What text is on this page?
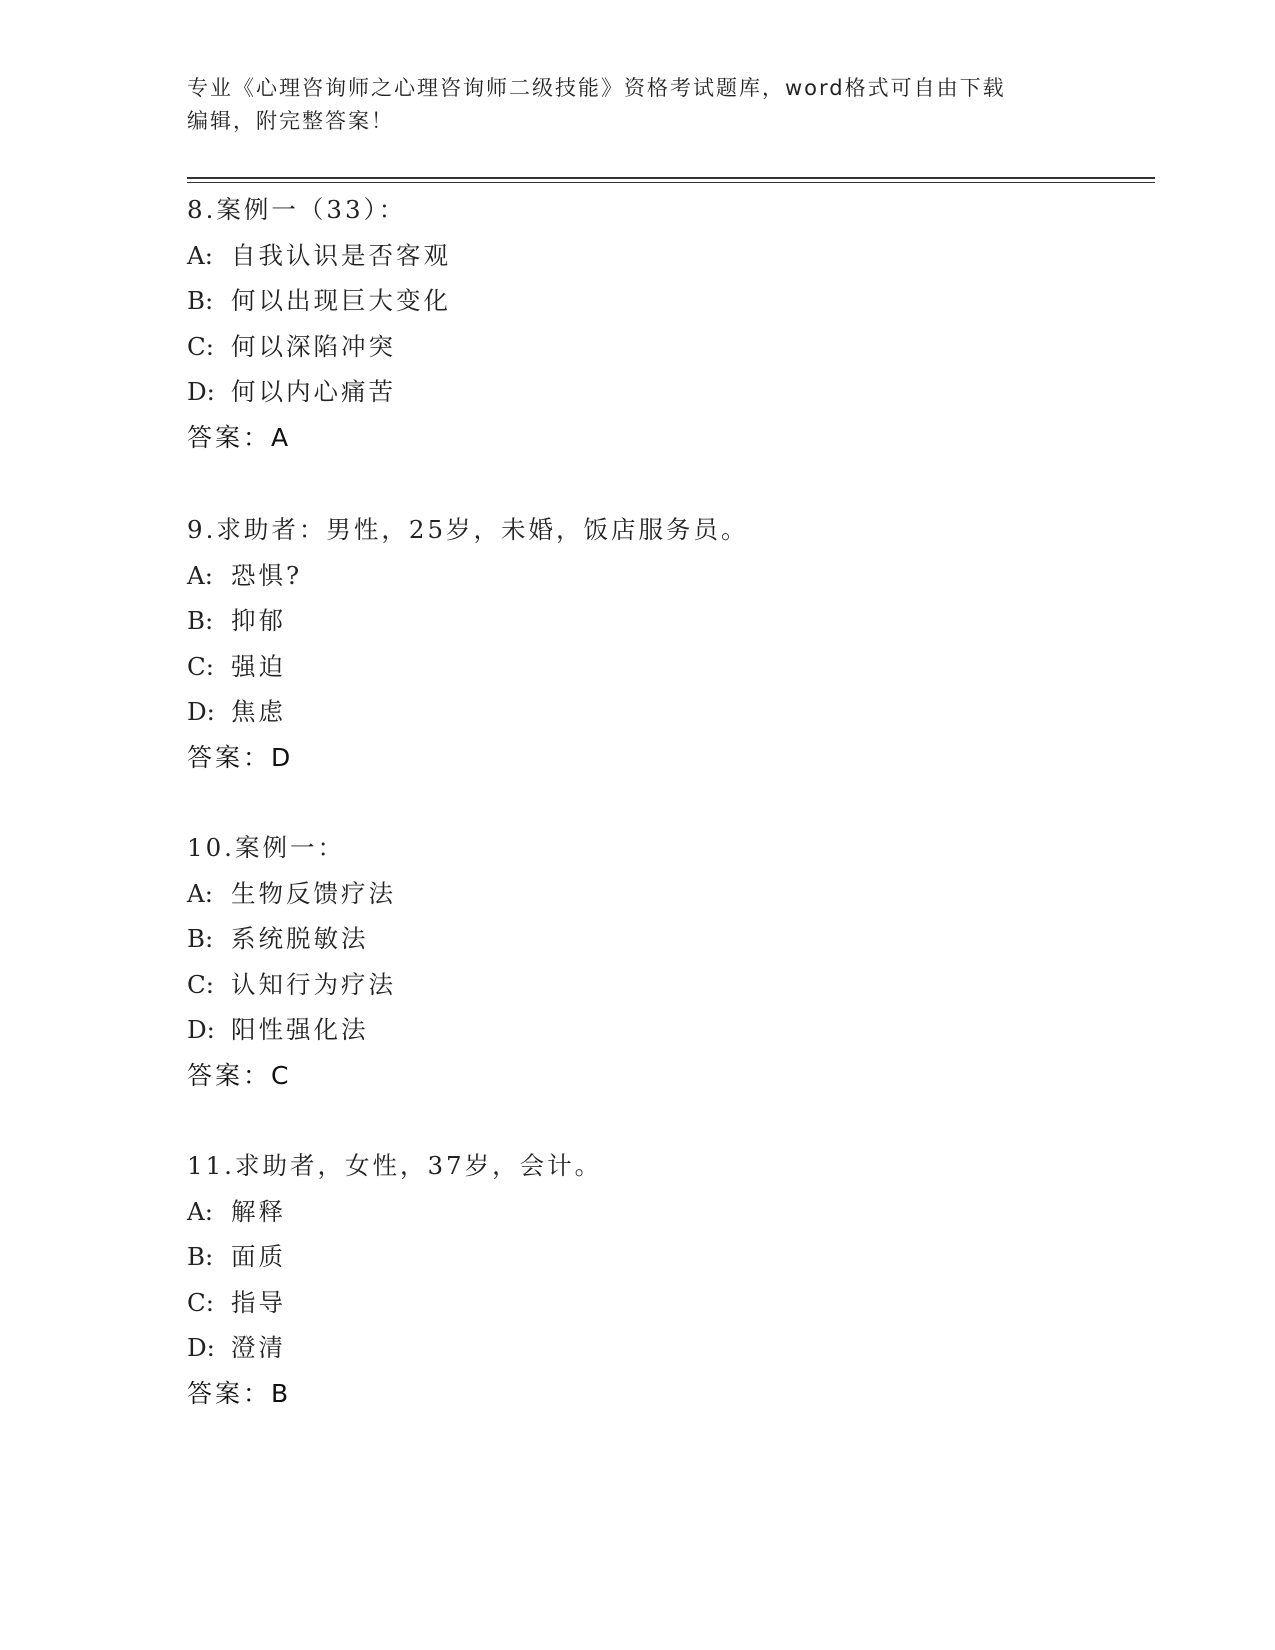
专业《心理咨询师之心理咨询师二级技能》资格考试题库，word格式可自由下载
编辑，附完整答案！
8.案例一（33）：
A: 自我认识是否客观
B: 何以出现巨大变化
C: 何以深陷冲突
D: 何以内心痛苦
答案：A
9.求助者：男性，25岁，未婚，饭店服务员。
A: 恐惧?
B: 抑郁
C: 强迫
D: 焦虑
答案：D
10.案例一：
A: 生物反馈疗法
B: 系统脱敏法
C: 认知行为疗法
D: 阳性强化法
答案：C
11.求助者，女性，37岁，会计。
A: 解释
B: 面质
C: 指导
D: 澄清
答案：B
